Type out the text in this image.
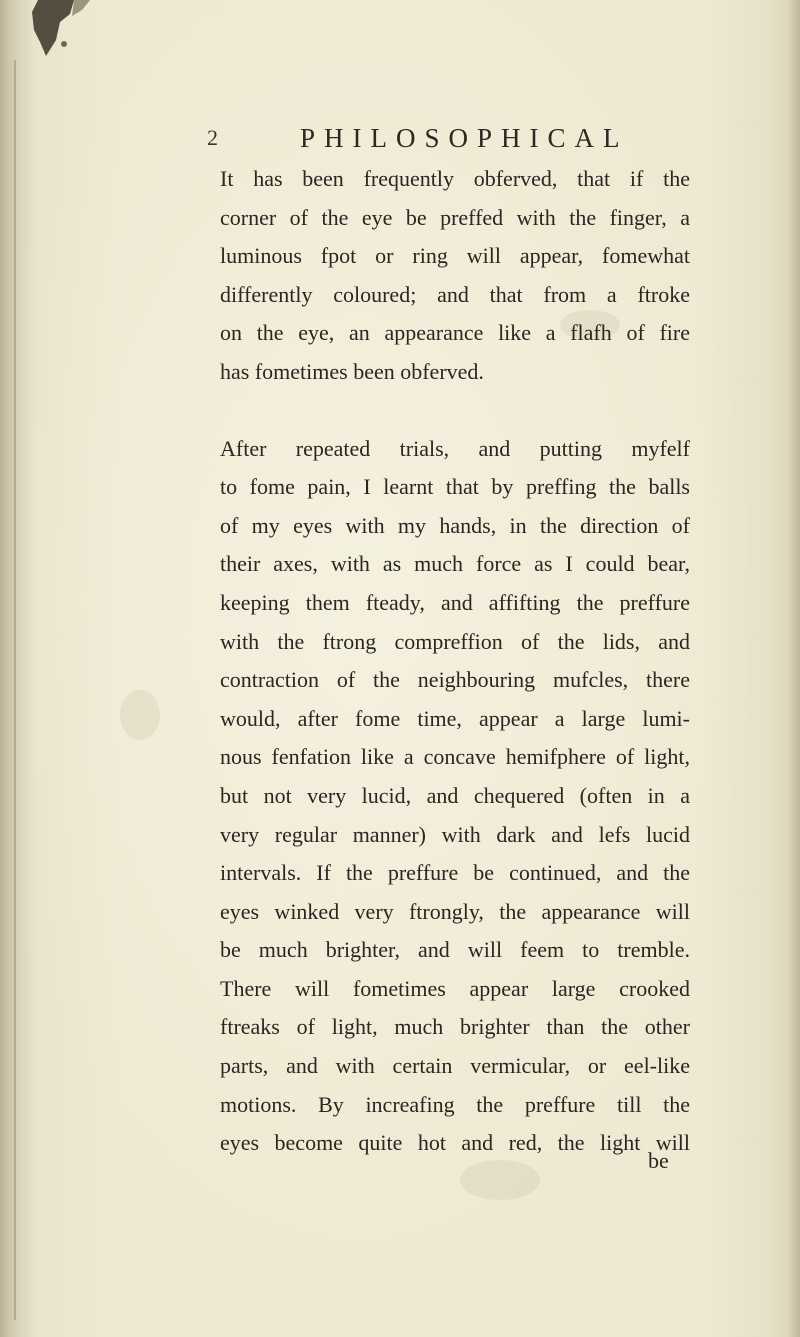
2	PHILOSOPHICAL
It has been frequently obferved, that if the
corner of the eye be preffed with the finger, a
luminous fpot or ring will appear, fomewhat
differently coloured; and that from a ftroke
on the eye, an appearance like a flafh of fire
has fometimes been obferved.
After repeated trials, and putting myfelf
to fome pain, I learnt that by preffing the balls
of my eyes with my hands, in the direction of
their axes, with as much force as I could bear,
keeping them fteady, and affifting the preffure
with the ftrong compreffion of the lids, and
contraction of the neighbouring mufcles, there
would, after fome time, appear a large lumi-
nous fenfation like a concave hemifphere of light,
but not very lucid, and chequered (often in a
very regular manner) with dark and lefs lucid
intervals. If the preffure be continued, and the
eyes winked very ftrongly, the appearance will
be much brighter, and will feem to tremble.
There will fometimes appear large crooked
ftreaks of light, much brighter than the other
parts, and with certain vermicular, or eel-like
motions. By increafing the preffure till the
eyes become quite hot and red, the light will
be
